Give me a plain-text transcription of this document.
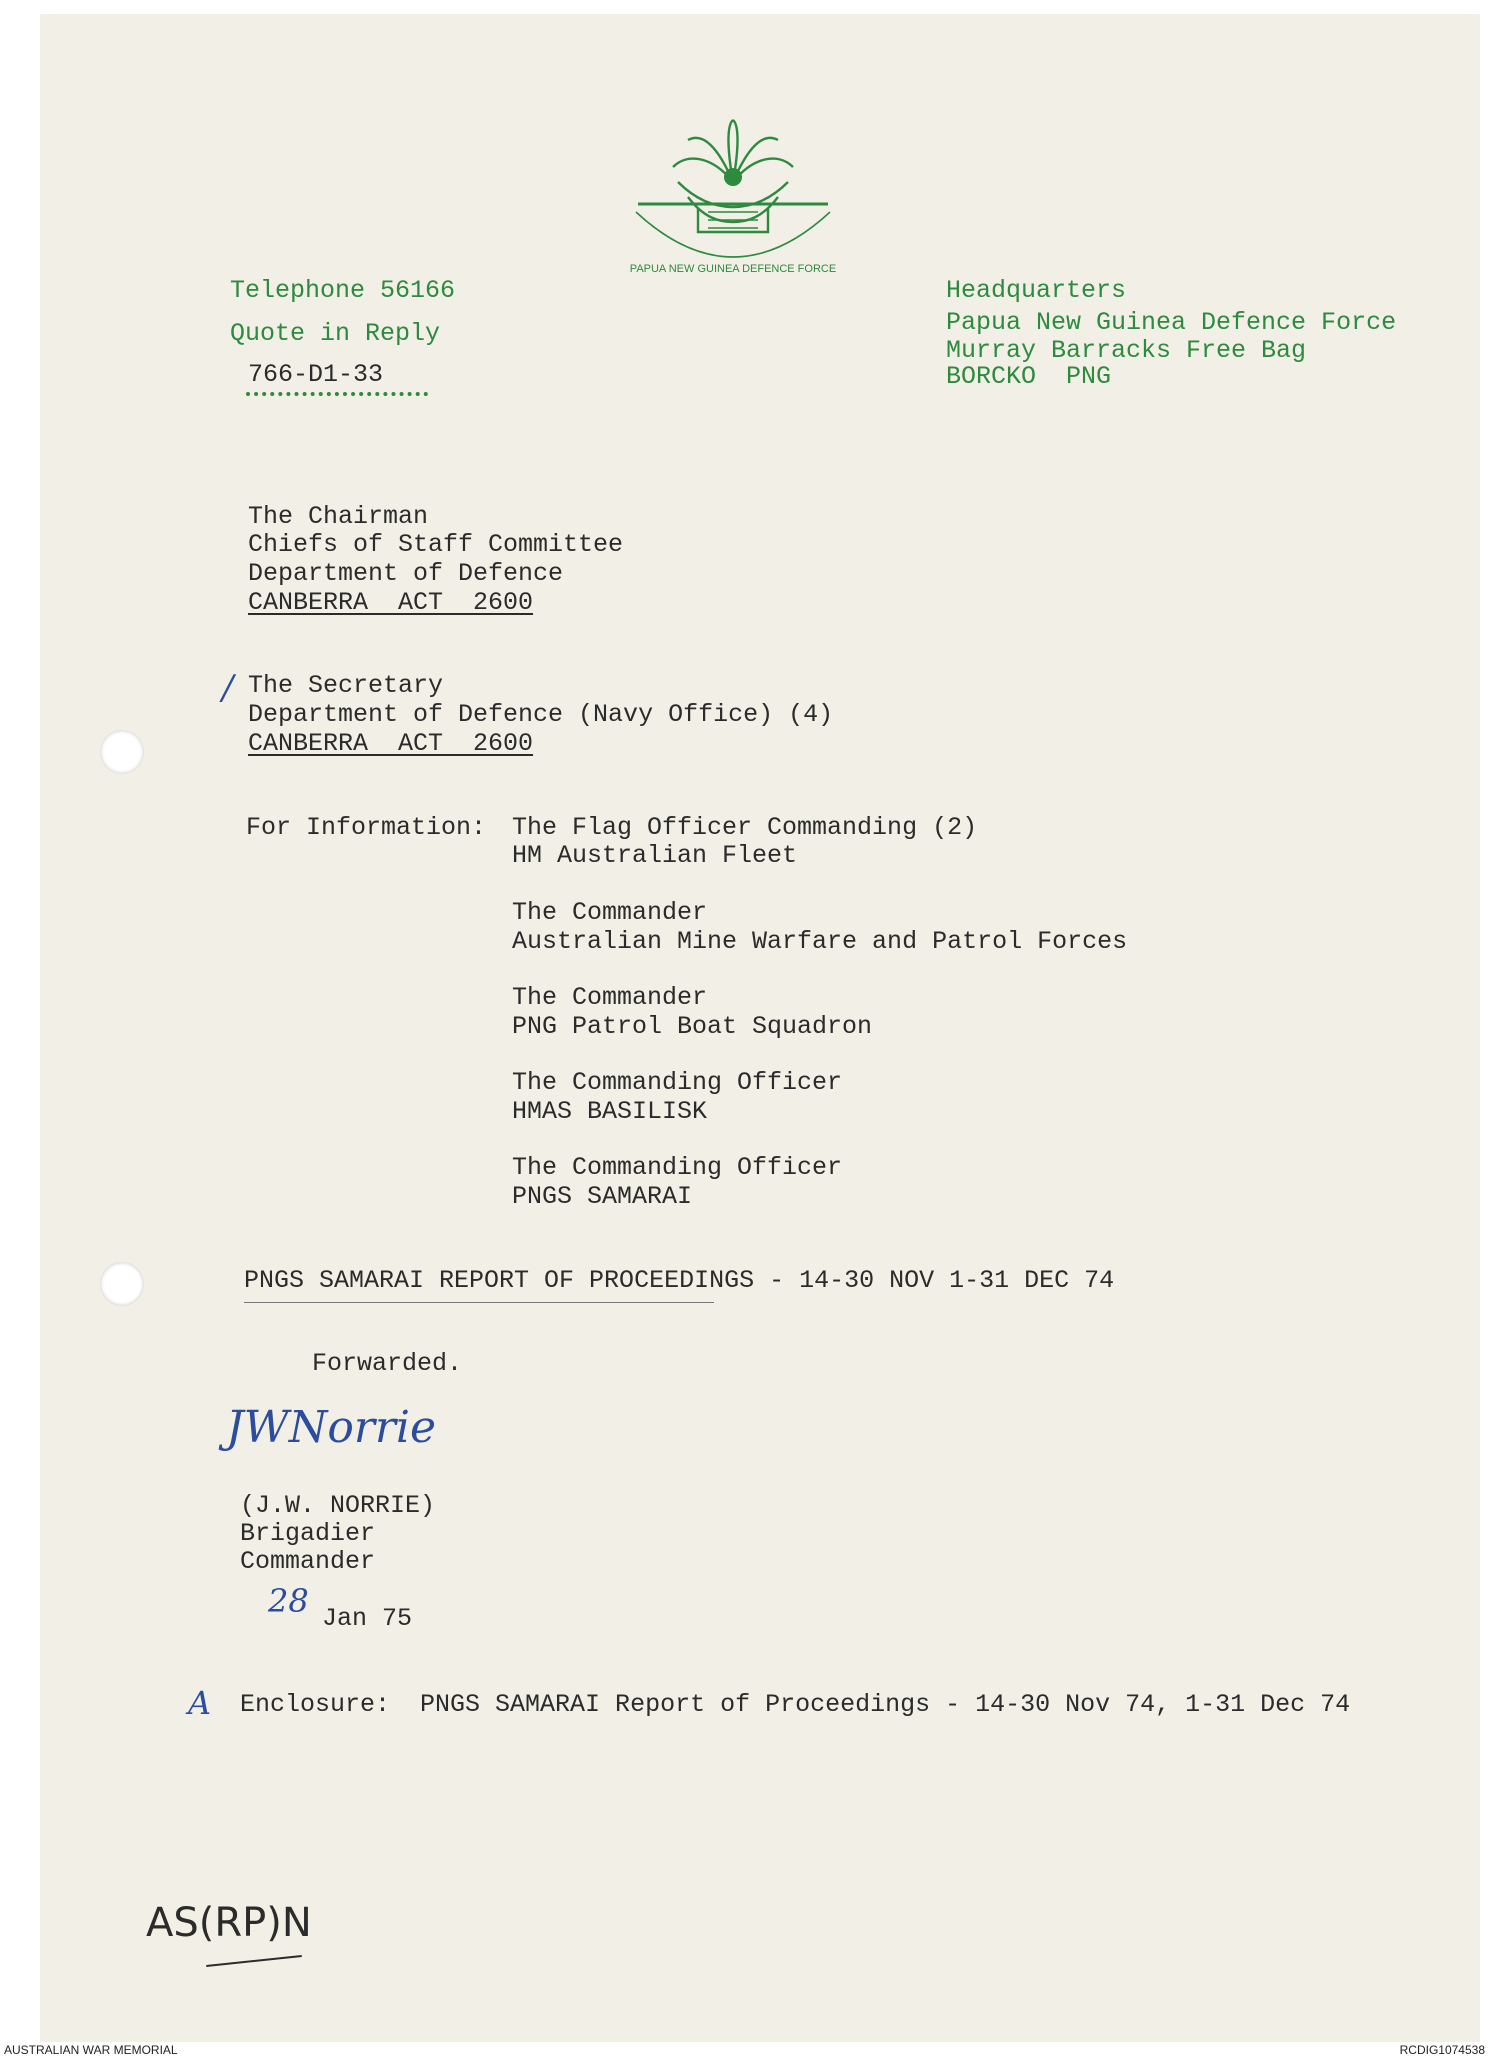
PAPUA NEW GUINEA DEFENCE FORCE
Telephone 56166
Quote in Reply
766-D1-33
Headquarters
Papua New Guinea Defence Force
Murray Barracks Free Bag
BORCKO  PNG
The Chairman
Chiefs of Staff Committee
Department of Defence
CANBERRA  ACT  2600
/ The Secretary
Department of Defence (Navy Office) (4)
CANBERRA  ACT  2600
For Information: The Flag Officer Commanding (2)
HM Australian Fleet
The Commander
Australian Mine Warfare and Patrol Forces
The Commander
PNG Patrol Boat Squadron
The Commanding Officer
HMAS BASILISK
The Commanding Officer
PNGS SAMARAI
PNGS SAMARAI REPORT OF PROCEEDINGS - 14-30 NOV 1-31 DEC 74
Forwarded.
JWNorrie
(J.W. NORRIE)
Brigadier
Commander
28 Jan 75
A Enclosure:  PNGS SAMARAI Report of Proceedings - 14-30 Nov 74, 1-31 Dec 74
AS(RP)N
AUSTRALIAN WAR MEMORIAL	RCDIG1074538
